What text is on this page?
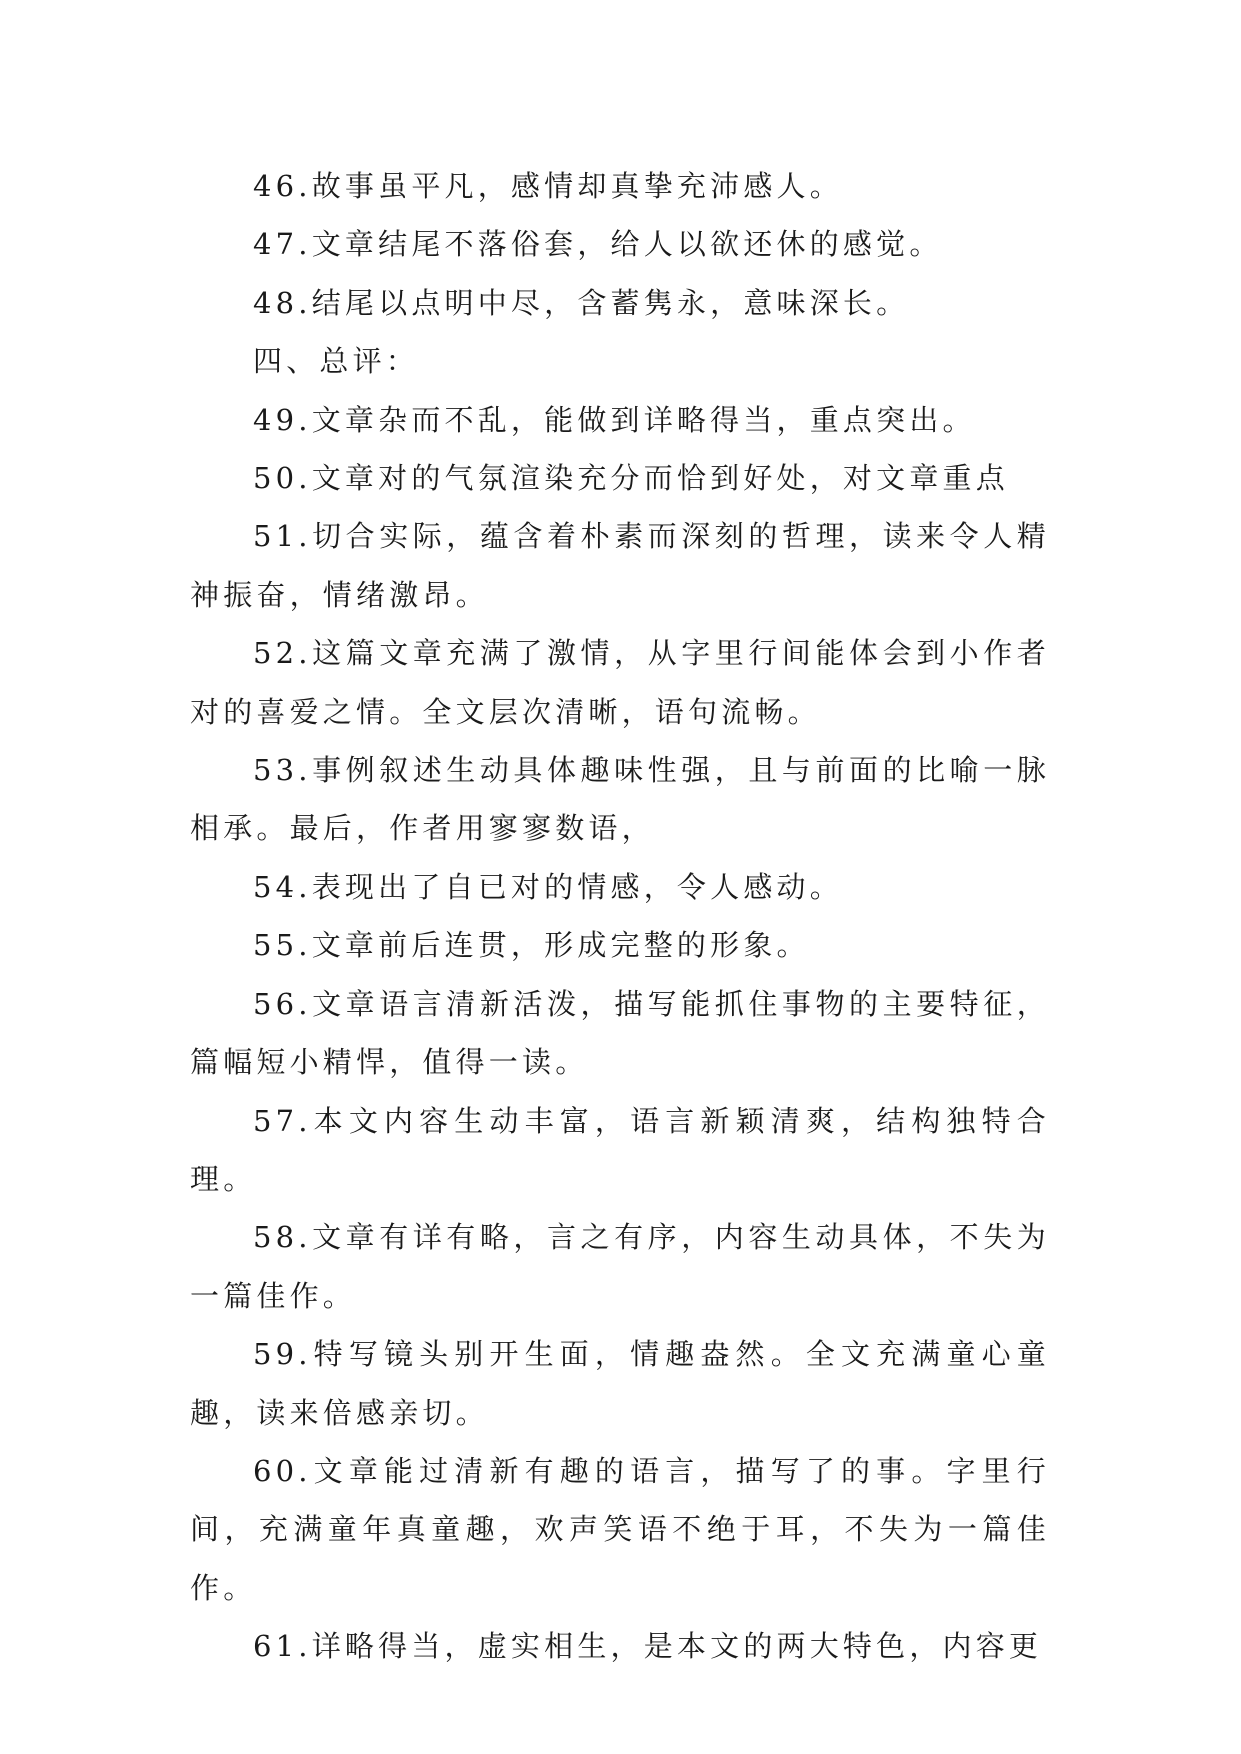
46.故事虽平凡，感情却真挚充沛感人。

47.文章结尾不落俗套，给人以欲还休的感觉。

48.结尾以点明中尽，含蓄隽永，意味深长。

四、总评：

49.文章杂而不乱，能做到详略得当，重点突出。

50.文章对的气氛渲染充分而恰到好处，对文章重点

51.切合实际，蕴含着朴素而深刻的哲理，读来令人精神振奋，情绪激昂。

52.这篇文章充满了激情，从字里行间能体会到小作者对的喜爱之情。全文层次清晰，语句流畅。

53.事例叙述生动具体趣味性强，且与前面的比喻一脉相承。最后，作者用寥寥数语，

54.表现出了自已对的情感，令人感动。

55.文章前后连贯，形成完整的形象。

56.文章语言清新活泼，描写能抓住事物的主要特征，篇幅短小精悍，值得一读。

57.本文内容生动丰富，语言新颖清爽，结构独特合理。

58.文章有详有略，言之有序，内容生动具体，不失为一篇佳作。

59.特写镜头别开生面，情趣盎然。全文充满童心童趣，读来倍感亲切。

60.文章能过清新有趣的语言，描写了的事。字里行间，充满童年真童趣，欢声笑语不绝于耳，不失为一篇佳作。

61.详略得当，虚实相生，是本文的两大特色，内容更
